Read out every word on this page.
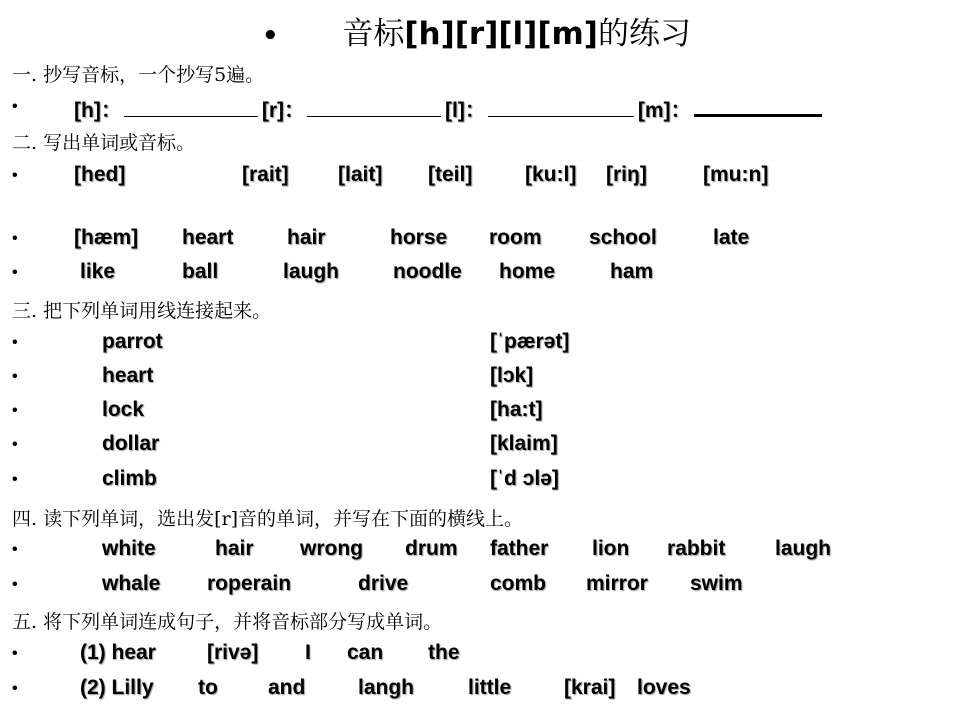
• 音标[h][r][l][m]的练习
一. 抄写音标，一个抄写5遍。
•	[h]：	[r]：	[l]：	[m]：
二. 写出单词或音标。
•	[hed]	[rait] [lait] [teil]	[ku:l] [riŋ]	[mu:n]
•	[hæm] heart	hair	horse room school	late
•	like	ball	laugh	noodle home	ham
三. 把下列单词用线连接起来。
•	parrot	[ˈpærət]
•	heart	[lɔk]
•	lock	[ha:t]
•	dollar	[klaim]
•	climb	[ˈd ɔlə]
四. 读下列单词，选出发[r]音的单词，并写在下面的横线上。
•	white	hair wrong drum father lion rabbit laugh
•	whale roperain	drive	comb mirror swim
五. 将下列单词连成句子，并将音标部分写成单词。
•	(1) hear [rivə] I can the
•	(2) Lilly to and	langh	little	[krai] loves
